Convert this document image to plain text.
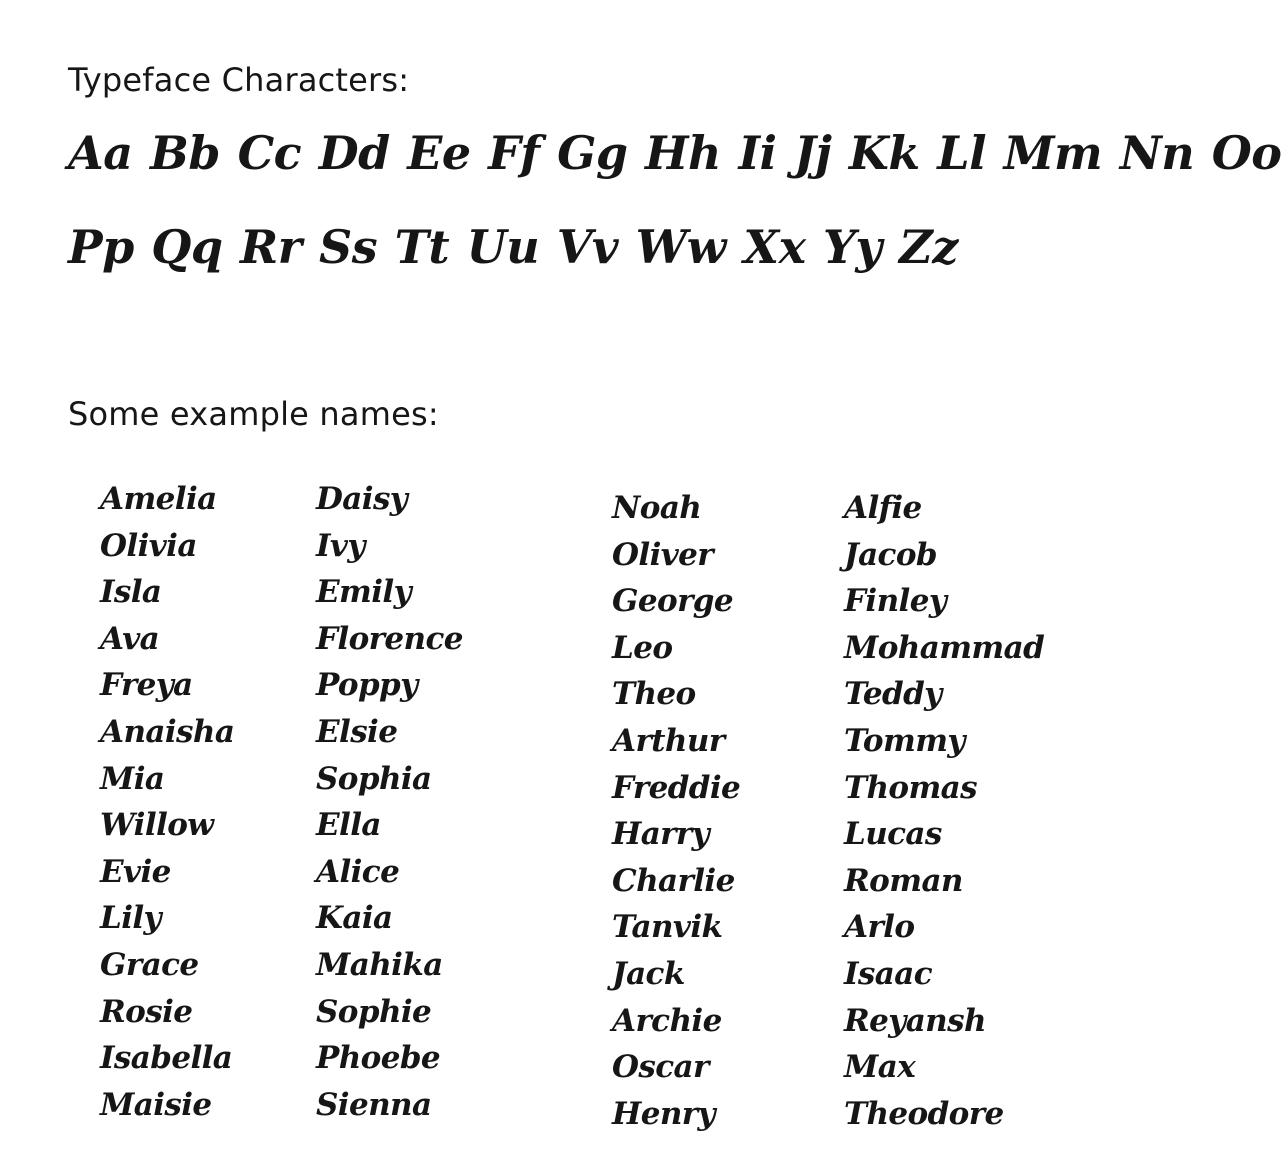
Typeface Characters:
Aa Bb Cc Dd Ee Ff Gg Hh Ii Jj Kk Ll Mm Nn Oo
Pp Qq Rr Ss Tt Uu Vv Ww Xx Yy Zz
Some example names:
Amelia
Olivia
Isla
Ava
Freya
Anaisha
Mia
Willow
Evie
Lily
Grace
Rosie
Isabella
Maisie
Daisy
Ivy
Emily
Florence
Poppy
Elsie
Sophia
Ella
Alice
Kaia
Mahika
Sophie
Phoebe
Sienna
Noah
Oliver
George
Leo
Theo
Arthur
Freddie
Harry
Charlie
Tanvik
Jack
Archie
Oscar
Henry
Alfie
Jacob
Finley
Mohammad
Teddy
Tommy
Thomas
Lucas
Roman
Arlo
Isaac
Reyansh
Max
Theodore
